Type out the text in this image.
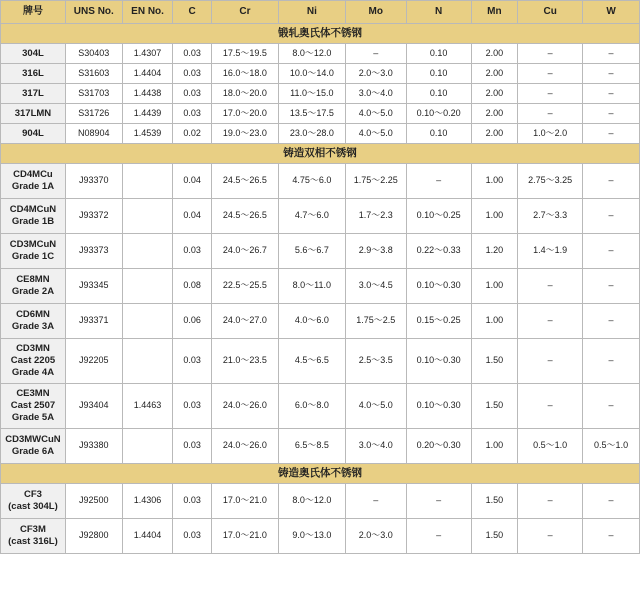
牌号	UNS No.	EN No.	C	Cr	Ni	Mo	N	Mn	Cu	W
锻轧奥氏体不锈钢										

304L	S30403	1.4307	0.03	17.5～19.5	8.0～12.0	–	0.10	2.00	–	–

316L	S31603	1.4404	0.03	16.0～18.0	10.0～14.0	2.0～3.0	0.10	2.00	–	–

317L	S31703	1.4438	0.03	18.0～20.0	11.0～15.0	3.0～4.0	0.10	2.00	–	–

317LMN	S31726	1.4439	0.03	17.0～20.0	13.5～17.5	4.0～5.0	0.10～0.20	2.00	–	–

904L	N08904	1.4539	0.02	19.0～23.0	23.0～28.0	4.0～5.0	0.10	2.00	1.0～2.0	–
铸造双相不锈钢										

CD4MCu
Grade 1A	J93370		0.04	24.5～26.5	4.75～6.0	1.75～2.25	–	1.00	2.75～3.25	–

CD4MCuN
Grade 1B	J93372		0.04	24.5～26.5	4.7～6.0	1.7～2.3	0.10～0.25	1.00	2.7～3.3	–

CD3MCuN
Grade 1C	J93373		0.03	24.0～26.7	5.6～6.7	2.9～3.8	0.22～0.33	1.20	1.4～1.9	–

CE8MN
Grade 2A	J93345		0.08	22.5～25.5	8.0～11.0	3.0～4.5	0.10～0.30	1.00	–	–

CD6MN
Grade 3A	J93371		0.06	24.0～27.0	4.0～6.0	1.75～2.5	0.15～0.25	1.00	–	–

CD3MN
Cast 2205
Grade 4A	J92205		0.03	21.0～23.5	4.5～6.5	2.5～3.5	0.10～0.30	1.50	–	–

CE3MN
Cast 2507
Grade 5A	J93404	1.4463	0.03	24.0～26.0	6.0～8.0	4.0～5.0	0.10～0.30	1.50	–	–

CD3MWCuN
Grade 6A	J93380		0.03	24.0～26.0	6.5～8.5	3.0～4.0	0.20～0.30	1.00	0.5～1.0	0.5～1.0
铸造奥氏体不锈钢										

CF3
(cast 304L)	J92500	1.4306	0.03	17.0～21.0	8.0～12.0	–	–	1.50	–	–

CF3M
(cast 316L)	J92800	1.4404	0.03	17.0～21.0	9.0～13.0	2.0～3.0	–	1.50	–	–
